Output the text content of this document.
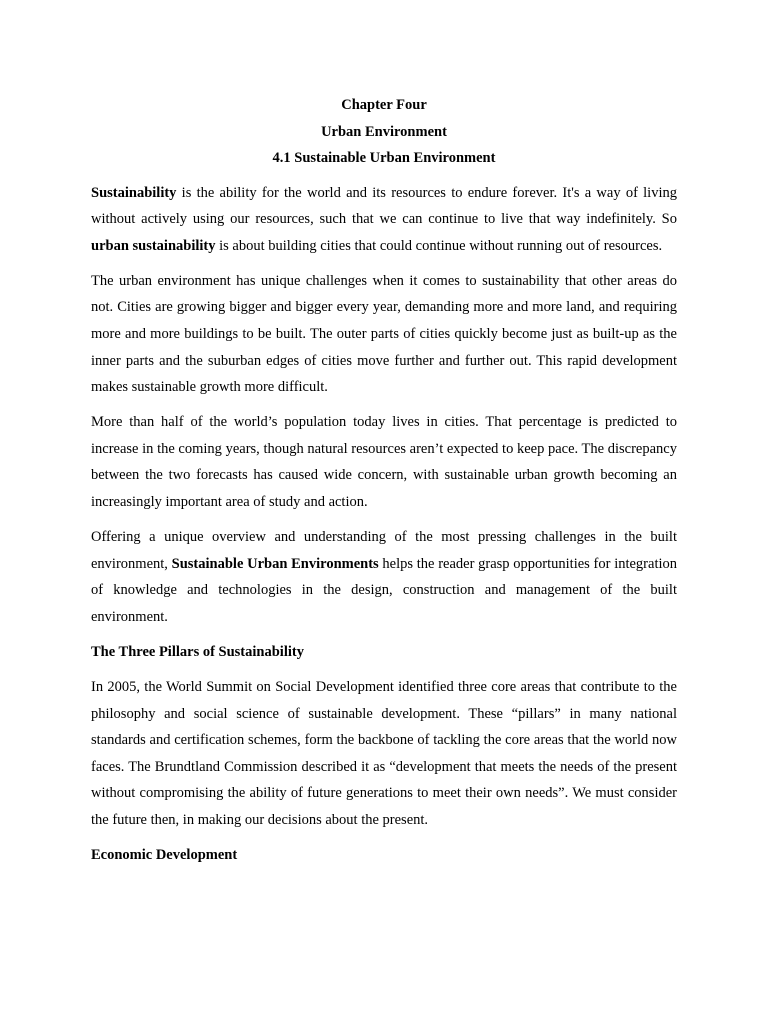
Chapter Four

Urban Environment

4.1 Sustainable Urban Environment

Sustainability is the ability for the world and its resources to endure forever. It's a way of living without actively using our resources, such that we can continue to live that way indefinitely. So urban sustainability is about building cities that could continue without running out of resources.

The urban environment has unique challenges when it comes to sustainability that other areas do not. Cities are growing bigger and bigger every year, demanding more and more land, and requiring more and more buildings to be built. The outer parts of cities quickly become just as built-up as the inner parts and the suburban edges of cities move further and further out. This rapid development makes sustainable growth more difficult.

More than half of the world’s population today lives in cities. That percentage is predicted to increase in the coming years, though natural resources aren’t expected to keep pace. The discrepancy between the two forecasts has caused wide concern, with sustainable urban growth becoming an increasingly important area of study and action.

Offering a unique overview and understanding of the most pressing challenges in the built environment, Sustainable Urban Environments helps the reader grasp opportunities for integration of knowledge and technologies in the design, construction and management of the built environment.

The Three Pillars of Sustainability

In 2005, the World Summit on Social Development identified three core areas that contribute to the philosophy and social science of sustainable development. These “pillars” in many national standards and certification schemes, form the backbone of tackling the core areas that the world now faces. The Brundtland Commission described it as “development that meets the needs of the present without compromising the ability of future generations to meet their own needs”. We must consider the future then, in making our decisions about the present.

Economic Development
